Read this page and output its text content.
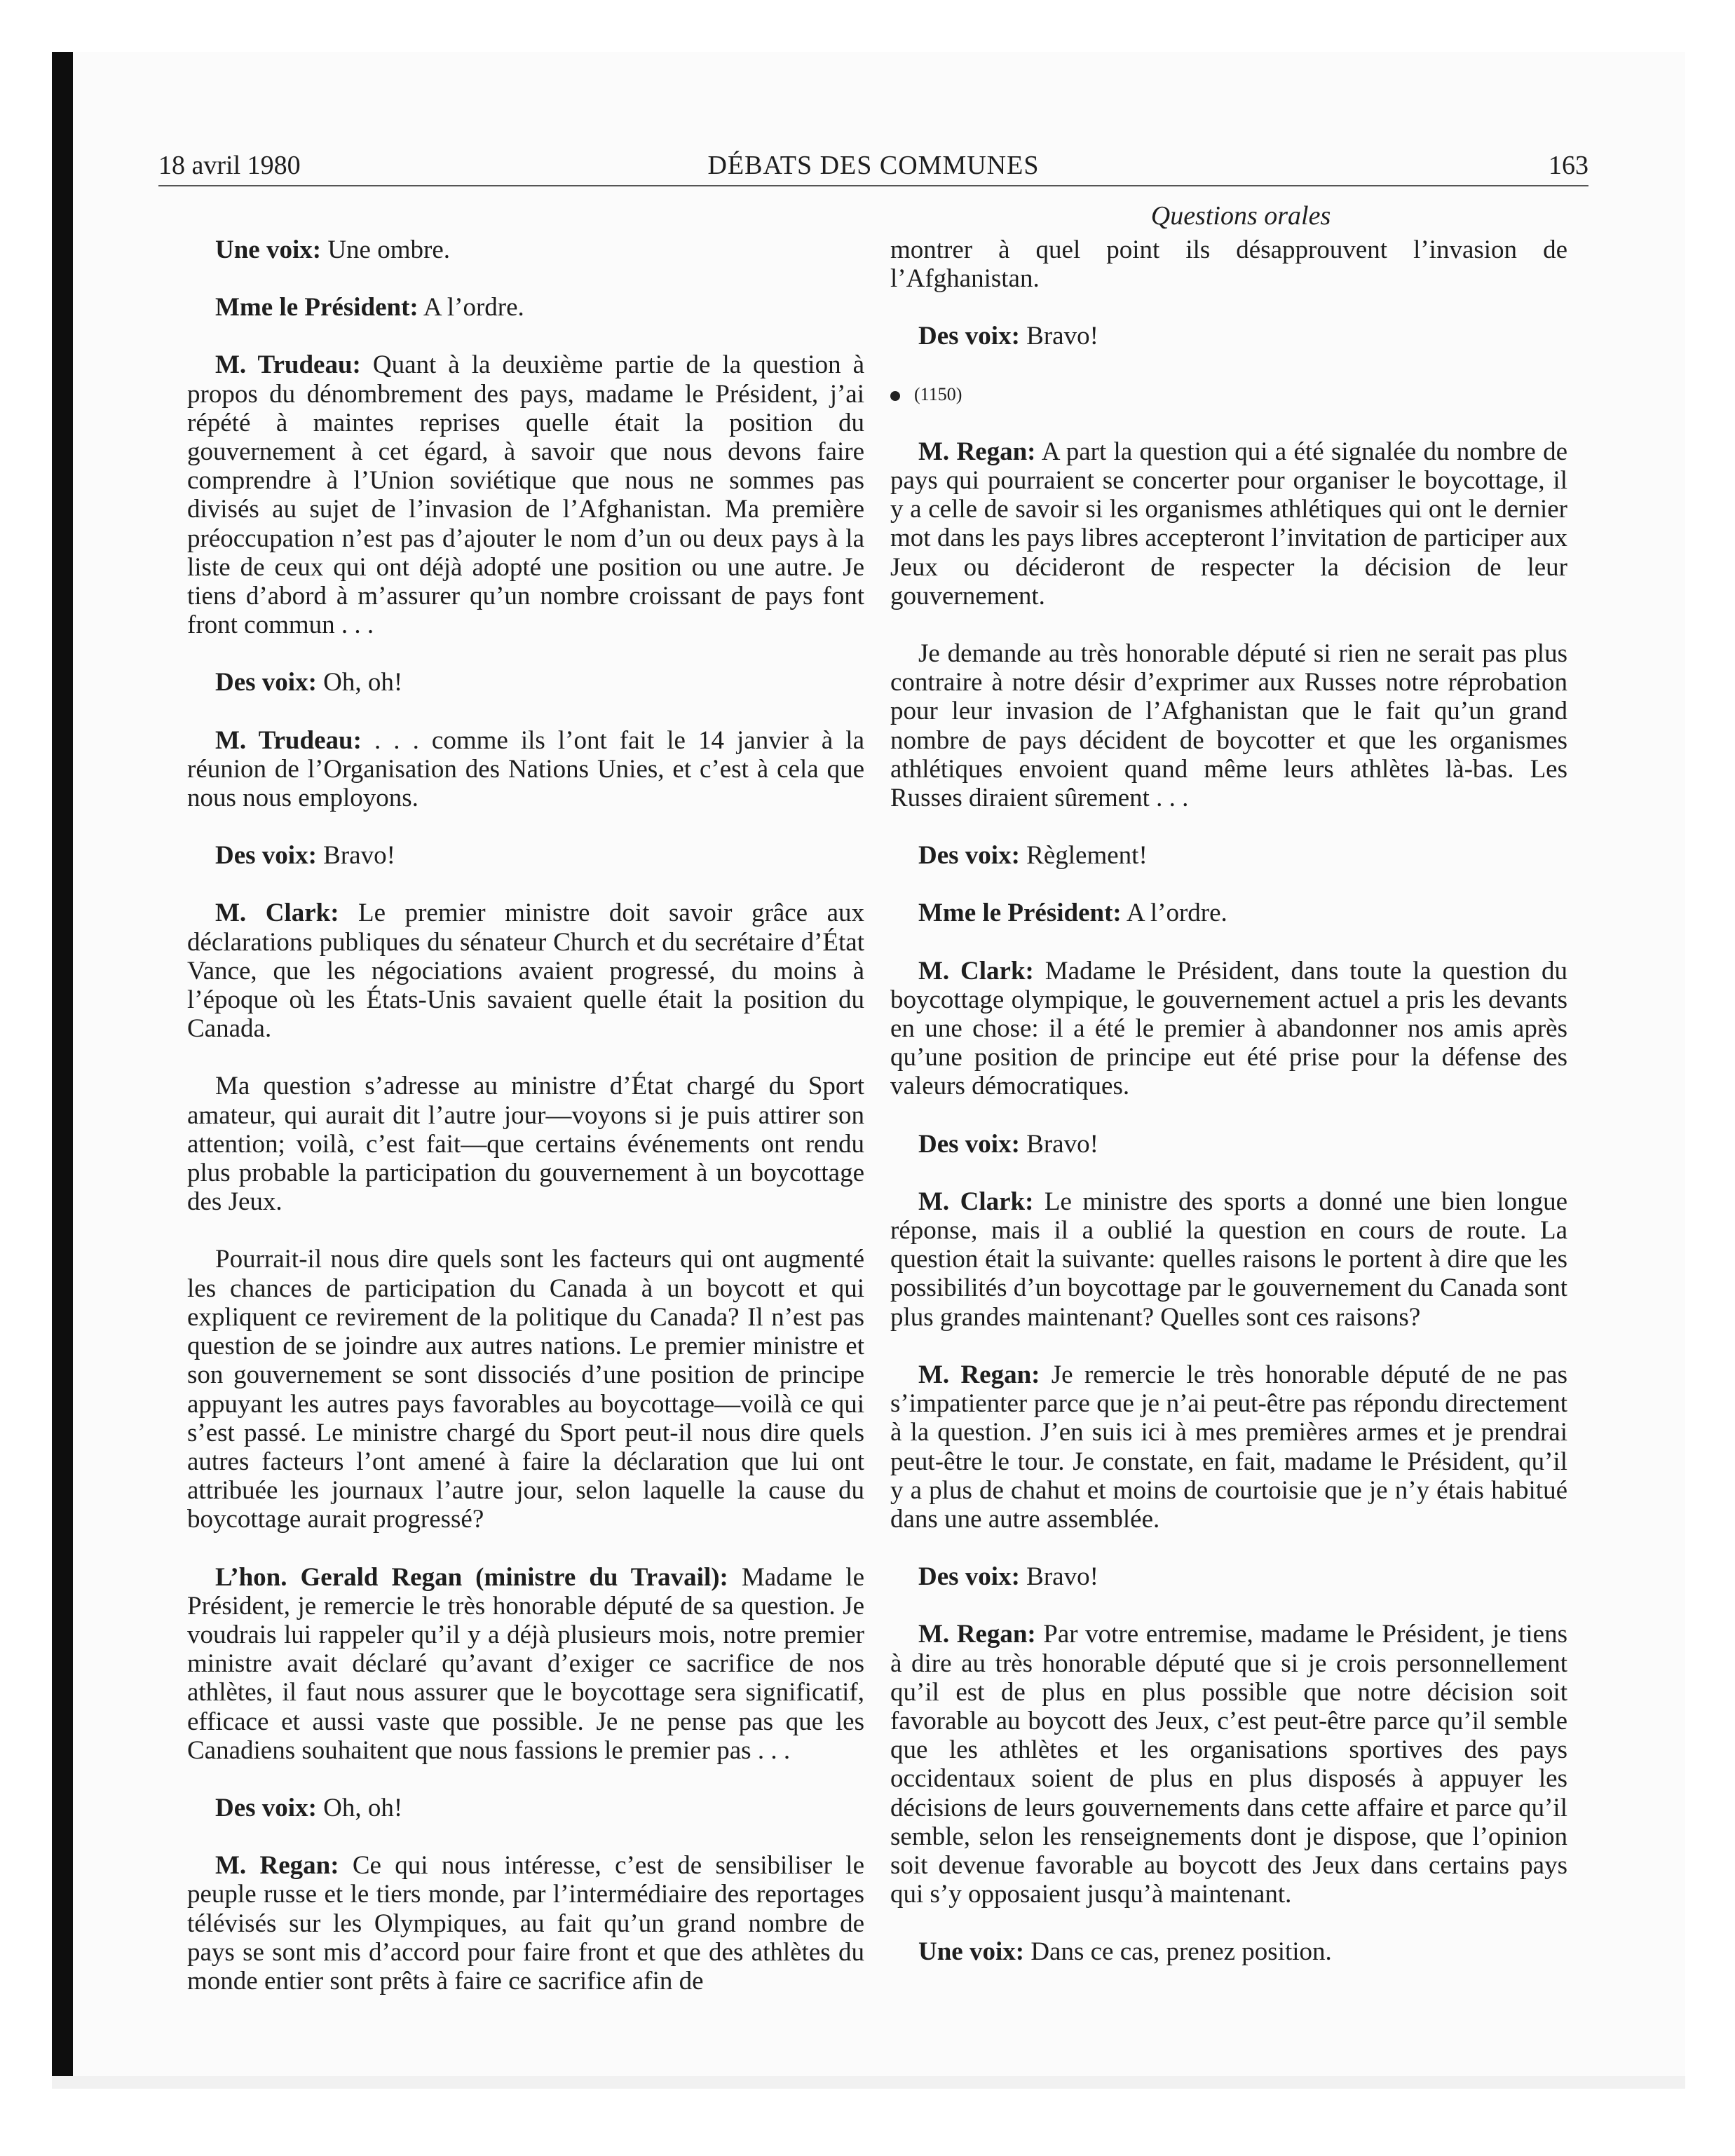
18 avril 1980	DÉBATS DES COMMUNES	163
Questions orales

Une voix: Une ombre.

Mme le Président: A l’ordre.

M. Trudeau: Quant à la deuxième partie de la question à propos du dénombrement des pays, madame le Président, j’ai répété à maintes reprises quelle était la position du gouvernement à cet égard, à savoir que nous devons faire comprendre à l’Union soviétique que nous ne sommes pas divisés au sujet de l’invasion de l’Afghanistan. Ma première préoccupation n’est pas d’ajouter le nom d’un ou deux pays à la liste de ceux qui ont déjà adopté une position ou une autre. Je tiens d’abord à m’assurer qu’un nombre croissant de pays font front commun . . .

Des voix: Oh, oh!

M. Trudeau: . . . comme ils l’ont fait le 14 janvier à la réunion de l’Organisation des Nations Unies, et c’est à cela que nous nous employons.

Des voix: Bravo!

M. Clark: Le premier ministre doit savoir grâce aux déclarations publiques du sénateur Church et du secrétaire d’État Vance, que les négociations avaient progressé, du moins à l’époque où les États-Unis savaient quelle était la position du Canada.

Ma question s’adresse au ministre d’État chargé du Sport amateur, qui aurait dit l’autre jour—voyons si je puis attirer son attention; voilà, c’est fait—que certains événements ont rendu plus probable la participation du gouvernement à un boycottage des Jeux.

Pourrait-il nous dire quels sont les facteurs qui ont augmenté les chances de participation du Canada à un boycott et qui expliquent ce revirement de la politique du Canada? Il n’est pas question de se joindre aux autres nations. Le premier ministre et son gouvernement se sont dissociés d’une position de principe appuyant les autres pays favorables au boycottage—voilà ce qui s’est passé. Le ministre chargé du Sport peut-il nous dire quels autres facteurs l’ont amené à faire la déclaration que lui ont attribuée les journaux l’autre jour, selon laquelle la cause du boycottage aurait progressé?

L’hon. Gerald Regan (ministre du Travail): Madame le Président, je remercie le très honorable député de sa question. Je voudrais lui rappeler qu’il y a déjà plusieurs mois, notre premier ministre avait déclaré qu’avant d’exiger ce sacrifice de nos athlètes, il faut nous assurer que le boycottage sera significatif, efficace et aussi vaste que possible. Je ne pense pas que les Canadiens souhaitent que nous fassions le premier pas . . .

Des voix: Oh, oh!

M. Regan: Ce qui nous intéresse, c’est de sensibiliser le peuple russe et le tiers monde, par l’intermédiaire des reportages télévisés sur les Olympiques, au fait qu’un grand nombre de pays se sont mis d’accord pour faire front et que des athlètes du monde entier sont prêts à faire ce sacrifice afin de

montrer à quel point ils désapprouvent l’invasion de l’Afghanistan.

Des voix: Bravo!

(1150)

M. Regan: A part la question qui a été signalée du nombre de pays qui pourraient se concerter pour organiser le boycottage, il y a celle de savoir si les organismes athlétiques qui ont le dernier mot dans les pays libres accepteront l’invitation de participer aux Jeux ou décideront de respecter la décision de leur gouvernement.

Je demande au très honorable député si rien ne serait pas plus contraire à notre désir d’exprimer aux Russes notre réprobation pour leur invasion de l’Afghanistan que le fait qu’un grand nombre de pays décident de boycotter et que les organismes athlétiques envoient quand même leurs athlètes là-bas. Les Russes diraient sûrement . . .

Des voix: Règlement!

Mme le Président: A l’ordre.

M. Clark: Madame le Président, dans toute la question du boycottage olympique, le gouvernement actuel a pris les devants en une chose: il a été le premier à abandonner nos amis après qu’une position de principe eut été prise pour la défense des valeurs démocratiques.

Des voix: Bravo!

M. Clark: Le ministre des sports a donné une bien longue réponse, mais il a oublié la question en cours de route. La question était la suivante: quelles raisons le portent à dire que les possibilités d’un boycottage par le gouvernement du Canada sont plus grandes maintenant? Quelles sont ces raisons?

M. Regan: Je remercie le très honorable député de ne pas s’impatienter parce que je n’ai peut-être pas répondu directement à la question. J’en suis ici à mes premières armes et je prendrai peut-être le tour. Je constate, en fait, madame le Président, qu’il y a plus de chahut et moins de courtoisie que je n’y étais habitué dans une autre assemblée.

Des voix: Bravo!

M. Regan: Par votre entremise, madame le Président, je tiens à dire au très honorable député que si je crois personnellement qu’il est de plus en plus possible que notre décision soit favorable au boycott des Jeux, c’est peut-être parce qu’il semble que les athlètes et les organisations sportives des pays occidentaux soient de plus en plus disposés à appuyer les décisions de leurs gouvernements dans cette affaire et parce qu’il semble, selon les renseignements dont je dispose, que l’opinion soit devenue favorable au boycott des Jeux dans certains pays qui s’y opposaient jusqu’à maintenant.

Une voix: Dans ce cas, prenez position.
